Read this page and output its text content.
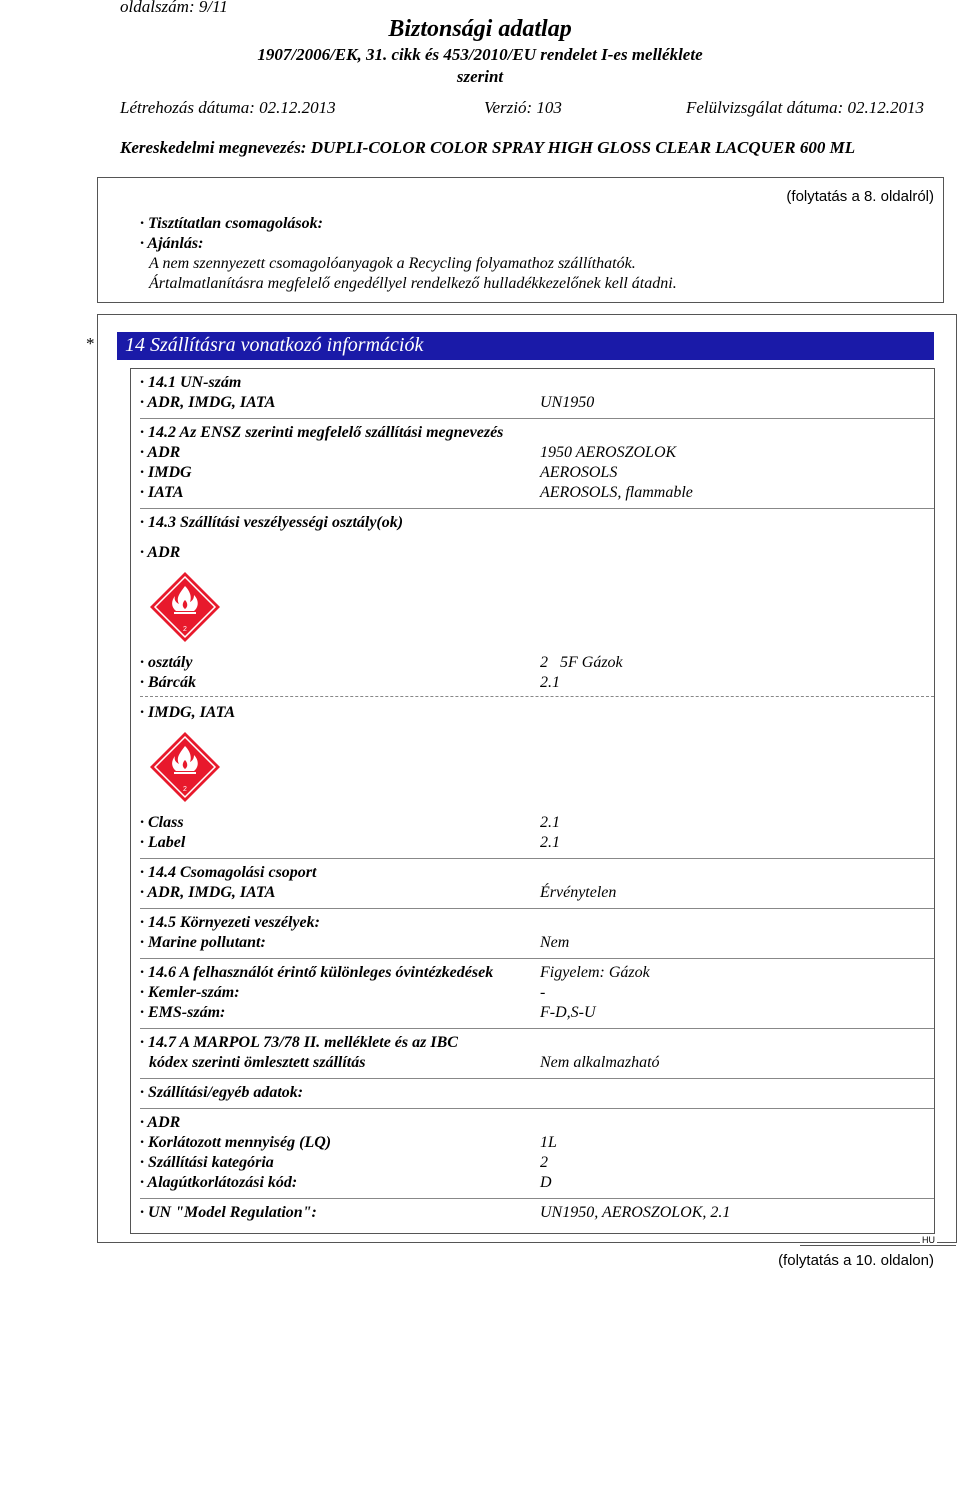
oldalszám: 9/11
Biztonsági adatlap
1907/2006/EK, 31. cikk és 453/2010/EU rendelet I-es melléklete
szerint
Létrehozás dátuma: 02.12.2013	Verzió: 103	Felülvizsgálat dátuma: 02.12.2013
Kereskedelmi megnevezés: DUPLI-COLOR COLOR SPRAY HIGH GLOSS CLEAR LACQUER 600 ML
(folytatás a 8. oldalról)
· Tisztítatlan csomagolások:
· Ajánlás:
A nem szennyezett csomagolóanyagok a Recycling folyamathoz szállíthatók.
Ártalmatlanításra megfelelő engedéllyel rendelkező hulladékkezelőnek kell átadni.
* 14 Szállításra vonatkozó információk
· 14.1 UN-szám
· ADR, IMDG, IATA	UN1950
· 14.2 Az ENSZ szerinti megfelelő szállítási megnevezés
· ADR	1950 AEROSZOLOK
· IMDG	AEROSOLS
· IATA	AEROSOLS, flammable
· 14.3 Szállítási veszélyességi osztály(ok)
· ADR
2
· osztály	2   5F Gázok
· Bárcák	2.1
· IMDG, IATA
2
· Class	2.1
· Label	2.1
· 14.4 Csomagolási csoport
· ADR, IMDG, IATA	Érvénytelen
· 14.5 Környezeti veszélyek:
· Marine pollutant:	Nem
· 14.6 A felhasználót érintő különleges óvintézkedések	Figyelem: Gázok
· Kemler-szám:	-
· EMS-szám:	F-D,S-U
· 14.7 A MARPOL 73/78 II. melléklete és az IBC
kódex szerinti ömlesztett szállítás	Nem alkalmazható
· Szállítási/egyéb adatok:
· ADR
· Korlátozott mennyiség (LQ)	1L
· Szállítási kategória	2
· Alagútkorlátozási kód:	D
· UN "Model Regulation":	UN1950, AEROSZOLOK, 2.1
HU
(folytatás a 10. oldalon)
